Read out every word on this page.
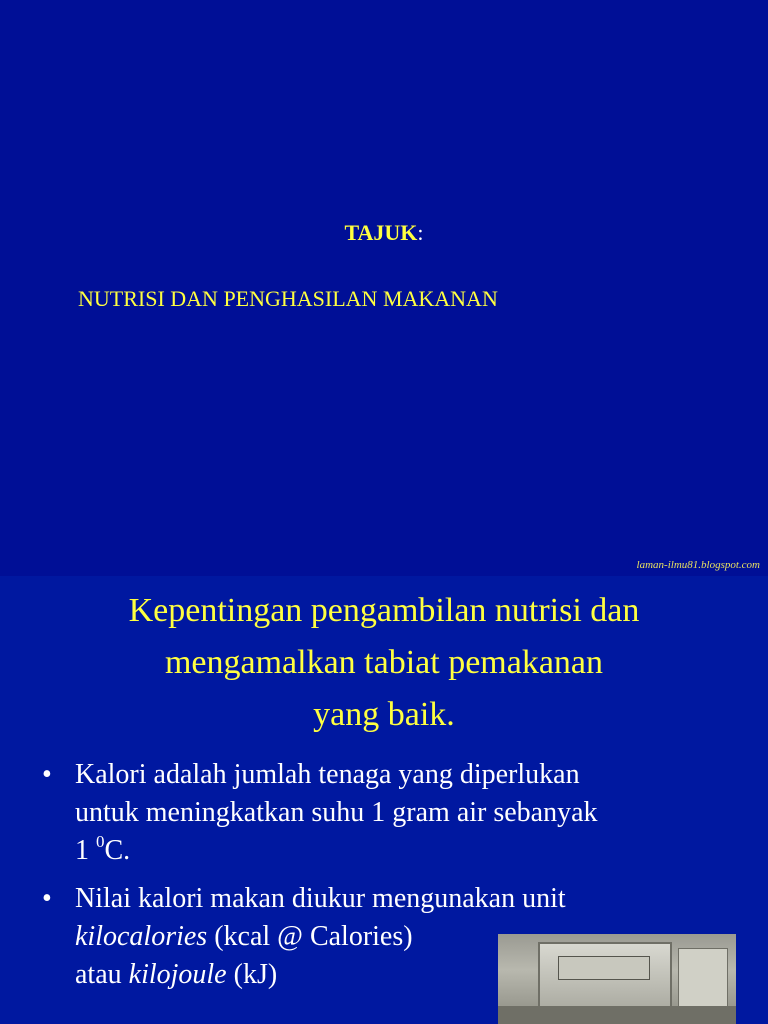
TAJUK:
NUTRISI DAN PENGHASILAN MAKANAN
laman-ilmu81.blogspot.com
Kepentingan pengambilan nutrisi dan
mengamalkan tabiat pemakanan
yang baik.
• Kalori adalah jumlah tenaga yang diperlukan
untuk meningkatkan suhu 1 gram air sebanyak
1 $^0$C.
• Nilai kalori makan diukur mengunakan unit
kilocalories (kcal @ Calories)
atau kilojoule (kJ)
